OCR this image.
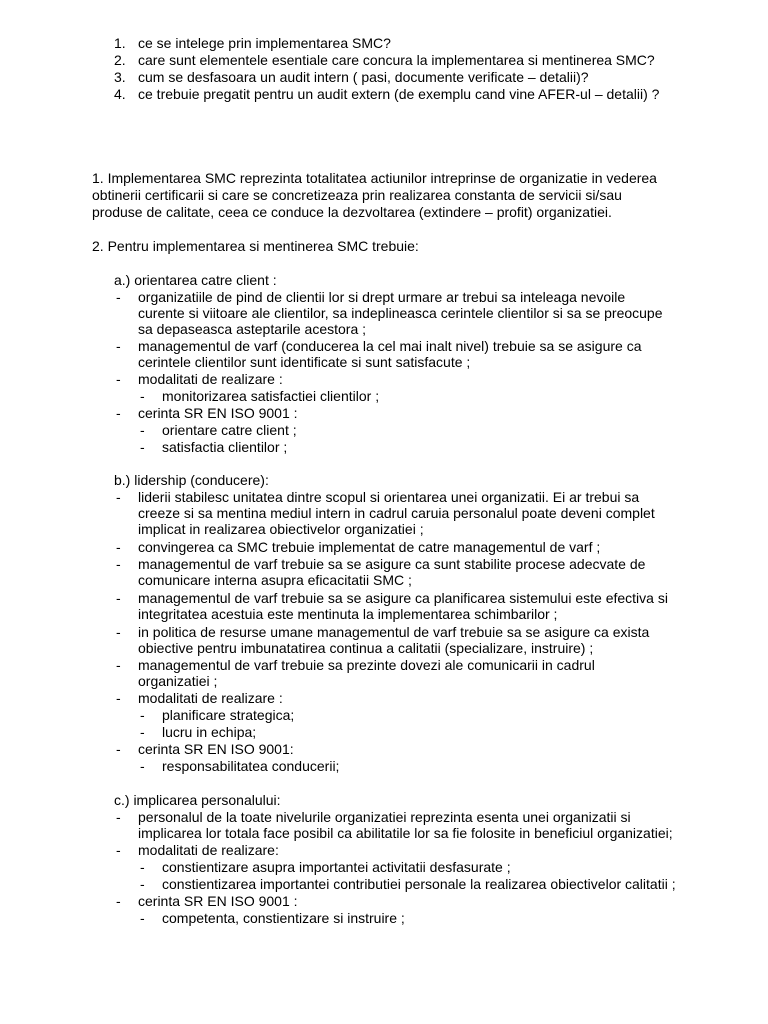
1. ce se intelege prin implementarea SMC?
2. care sunt elementele esentiale care concura la implementarea si mentinerea SMC?
3. cum se desfasoara un audit intern ( pasi, documente verificate – detalii)?
4. ce trebuie pregatit pentru un audit extern (de exemplu cand vine AFER-ul – detalii) ?
1. Implementarea SMC reprezinta totalitatea actiunilor intreprinse de organizatie in vederea
obtinerii certificarii si care se concretizeaza prin realizarea constanta de servicii si/sau
produse de calitate, ceea ce conduce la dezvoltarea (extindere – profit) organizatiei.
2. Pentru implementarea si mentinerea SMC trebuie:
a.) orientarea catre client :
- organizatiile de pind de clientii lor si drept urmare ar trebui sa inteleaga nevoile
curente si viitoare ale clientilor, sa indeplineasca cerintele clientilor si sa se preocupe
sa depaseasca asteptarile acestora ;
- managementul de varf (conducerea la cel mai inalt nivel) trebuie sa se asigure ca
cerintele clientilor sunt identificate si sunt satisfacute ;
- modalitati de realizare :
- monitorizarea satisfactiei clientilor ;
- cerinta SR EN ISO 9001 :
- orientare catre client ;
- satisfactia clientilor ;
b.) lidership (conducere):
- liderii stabilesc unitatea dintre scopul si orientarea unei organizatii. Ei ar trebui sa
creeze si sa mentina mediul intern in cadrul caruia personalul poate deveni complet
implicat in realizarea obiectivelor organizatiei ;
- convingerea ca SMC trebuie implementat de catre managementul de varf ;
- managementul de varf trebuie sa se asigure ca sunt stabilite procese adecvate de
comunicare interna asupra eficacitatii SMC ;
- managementul de varf trebuie sa se asigure ca planificarea sistemului este efectiva si
integritatea acestuia este mentinuta la implementarea schimbarilor ;
- in politica de resurse umane managementul de varf trebuie sa se asigure ca exista
obiective pentru imbunatatirea continua a calitatii (specializare, instruire) ;
- managementul de varf trebuie sa prezinte dovezi ale comunicarii in cadrul
organizatiei ;
- modalitati de realizare :
- planificare strategica;
- lucru in echipa;
- cerinta SR EN ISO 9001:
- responsabilitatea conducerii;
c.) implicarea personalului:
- personalul de la toate nivelurile organizatiei reprezinta esenta unei organizatii si
implicarea lor totala face posibil ca abilitatile lor sa fie folosite in beneficiul organizatiei;
- modalitati de realizare:
- constientizare asupra importantei activitatii desfasurate ;
- constientizarea importantei contributiei personale la realizarea obiectivelor calitatii ;
- cerinta SR EN ISO 9001 :
- competenta, constientizare si instruire ;
